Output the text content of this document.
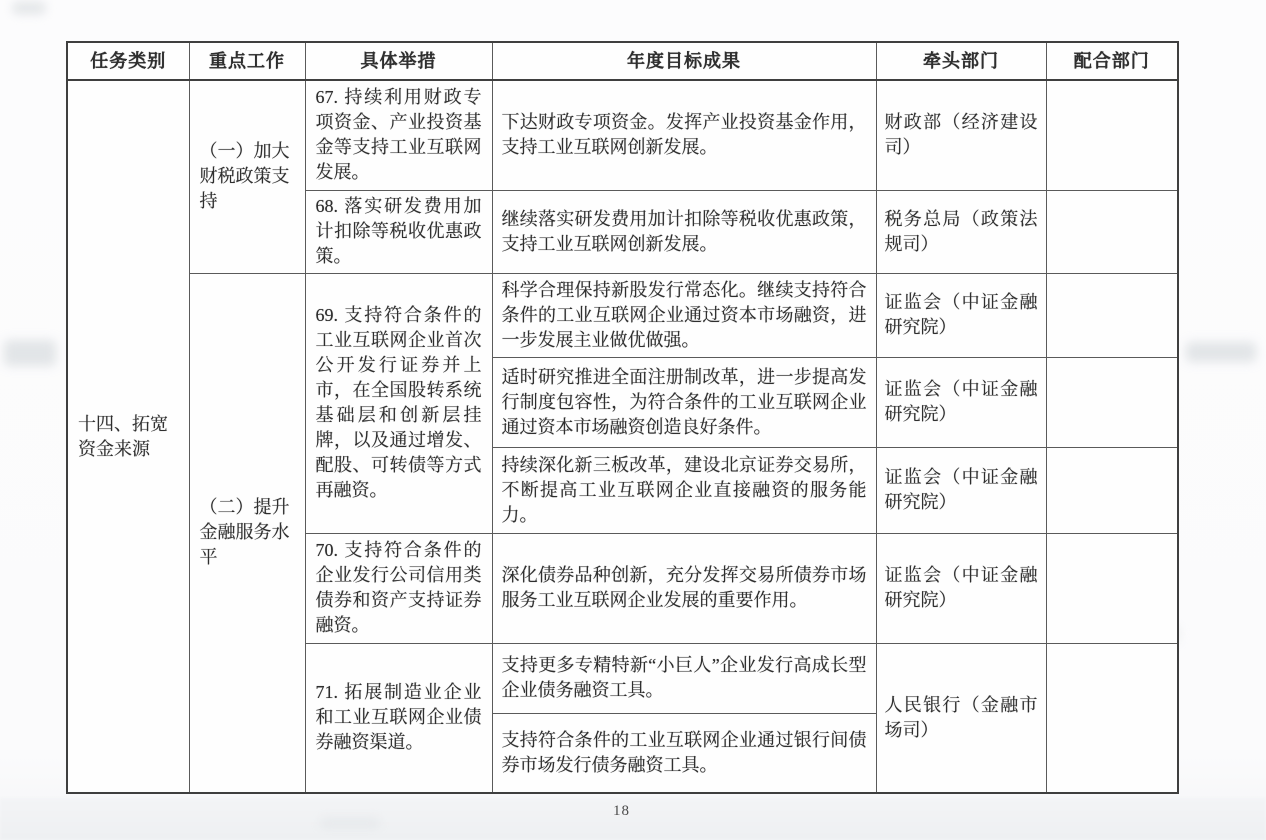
任务类别	重点工作	具体举措	年度目标成果	牵头部门	配合部门
十四、拓宽资金来源	（一）加大财税政策支持	67. 持续利用财政专项资金、产业投资基金等支持工业互联网发展。	下达财政专项资金。发挥产业投资基金作用，支持工业互联网创新发展。	财政部（经济建设司）	
		68. 落实研发费用加计扣除等税收优惠政策。	继续落实研发费用加计扣除等税收优惠政策，支持工业互联网创新发展。	税务总局（政策法规司）	
	（二）提升金融服务水平	69. 支持符合条件的工业互联网企业首次公开发行证券并上市，在全国股转系统基础层和创新层挂牌，以及通过增发、配股、可转债等方式再融资。	科学合理保持新股发行常态化。继续支持符合条件的工业互联网企业通过资本市场融资，进一步发展主业做优做强。	证监会（中证金融研究院）	
			适时研究推进全面注册制改革，进一步提高发行制度包容性，为符合条件的工业互联网企业通过资本市场融资创造良好条件。	证监会（中证金融研究院）	
			持续深化新三板改革，建设北京证券交易所，不断提高工业互联网企业直接融资的服务能力。	证监会（中证金融研究院）	
		70. 支持符合条件的企业发行公司信用类债券和资产支持证券融资。	深化债券品种创新，充分发挥交易所债券市场服务工业互联网企业发展的重要作用。	证监会（中证金融研究院）	
		71. 拓展制造业企业和工业互联网企业债券融资渠道。	支持更多专精特新“小巨人”企业发行高成长型企业债务融资工具。	人民银行（金融市场司）	
			支持符合条件的工业互联网企业通过银行间债券市场发行债务融资工具。		
18
